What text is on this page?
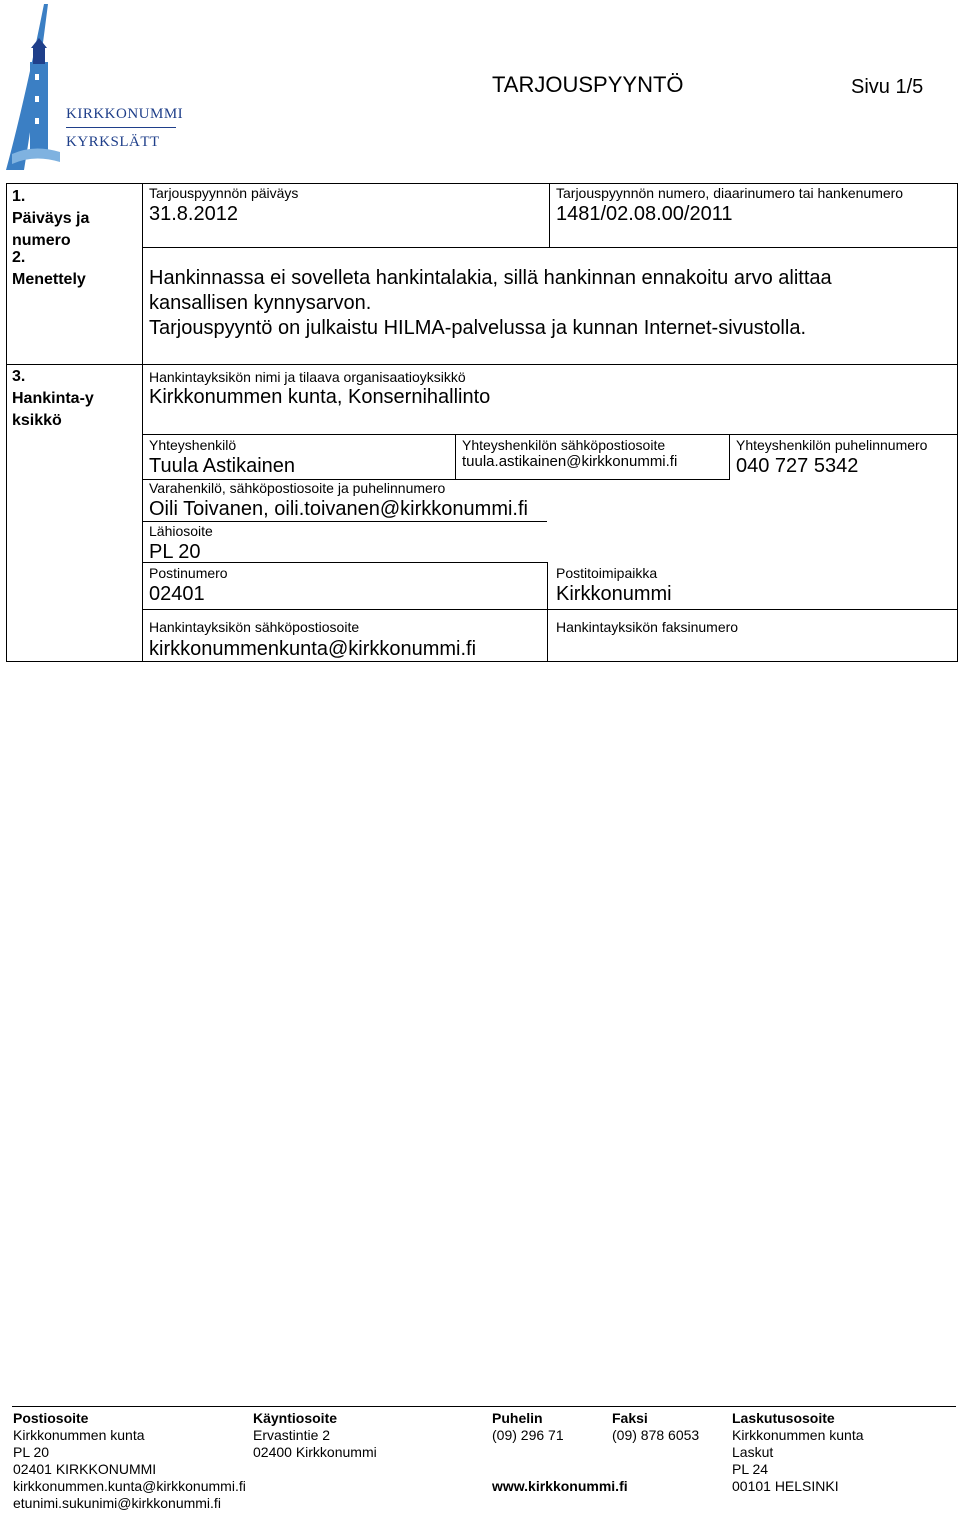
KIRKKONUMMI
KYRKSLÄTT
TARJOUSPYYNTÖ	Sivu 1/5
1.
Päiväys ja numero
2.
Menettely
3.
Hankinta-yksikkö
Tarjouspyynnön päiväys
31.8.2012
Tarjouspyynnön numero, diaarinumero tai hankenumero
1481/02.08.00/2011
Hankinnassa ei sovelleta hankintalakia, sillä hankinnan ennakoitu arvo alittaa
kansallisen kynnysarvon.
Tarjouspyyntö on julkaistu HILMA-palvelussa ja kunnan Internet-sivustolla.
Hankintayksikön nimi ja tilaava organisaatioyksikkö
Kirkkonummen kunta, Konsernihallinto
Yhteyshenkilö
Tuula Astikainen
Yhteyshenkilön sähköpostiosoite
tuula.astikainen@kirkkonummi.fi
Yhteyshenkilön puhelinnumero
040 727 5342
Varahenkilö, sähköpostiosoite ja puhelinnumero
Oili Toivanen, oili.toivanen@kirkkonummi.fi
Lähiosoite
PL 20
Postinumero
02401
Postitoimipaikka
Kirkkonummi
Hankintayksikön sähköpostiosoite
kirkkonummenkunta@kirkkonummi.fi
Hankintayksikön faksinumero
Postiosoite
Kirkkonummen kunta
PL 20
02401 KIRKKONUMMI
kirkkonummen.kunta@kirkkonummi.fi
etunimi.sukunimi@kirkkonummi.fi
Käyntiosoite
Ervastintie 2
02400 Kirkkonummi
Puhelin
(09) 296 71
www.kirkkonummi.fi
Faksi
(09) 878 6053
Laskutusosoite
Kirkkonummen kunta
Laskut
PL 24
00101 HELSINKI
